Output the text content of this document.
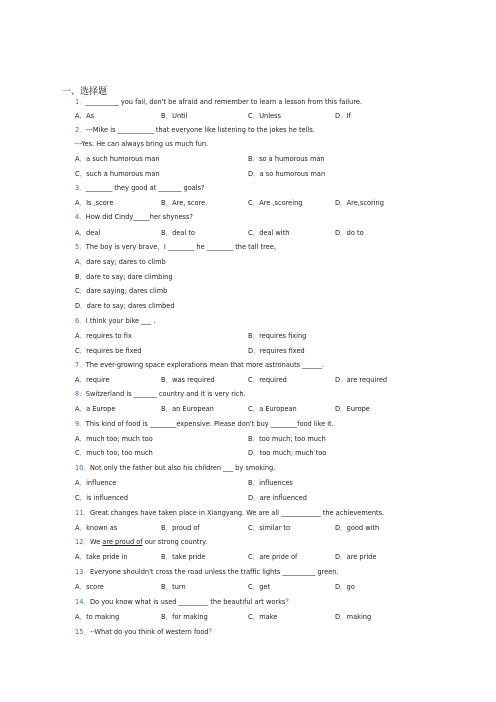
一、选择题
1．__________ you fail, don't be afraid and remember to learn a lesson from this failure.
A．As	B．Until	C．Unless	D．If
2．---Mike is ___________ that everyone like listening to the jokes he tells.
---Yes. He can always bring us much fun.
A．a such humorous man	B．so a humorous man
C．such a humorous man	D．a so humorous man
3．________ they good at _______ goals?
A．Is ,score	B．Are, score	C．Are ,scoreing	D．Are,scoring
4．How did Cindy_____her shyness?
A．deal	B．deal to	C．deal with	D．do to
5．The boy is very brave，I ________ he ________ the tall tree。
A．dare say; dares to climb
B．dare to say; dare climbing
C．dare saying; dares climb
D．dare to say; dares climbed
6．I think your bike ___ .
A．requires to fix	B．requires fixing
C．requires be fixed	D．requires fixed
7．The ever-growing space explorations mean that more astronauts ______.
A．require	B．was required	C．required	D．are required
8．Switzerland is _______ country and it is very rich.
A．a Europe	B．an European	C．a European	D．Europe
9．This kind of food is ________expensive. Please don't buy ________food like it.
A．much too; much too	B．too much; too much
C．much too; too much	D．too much; much too
10．Not only the father but also his children ___ by smoking.
A．influence	B．influences
C．is influenced	D．are influenced
11．Great changes have taken place in Xiangyang. We are all ____________ the achievements.
A．known as	B．proud of	C．similar to	D．good with
12．We are proud of our strong country.
A．take pride in	B．take pride	C．are pride of	D．are pride
13．Everyone shouldn't cross the road unless the traffic lights __________ green.
A．score	B．turn	C．get	D．go
14．Do you know what is used _________ the beautiful art works？
A．to making	B．for making	C．make	D．making
15．--What do you think of western food？
